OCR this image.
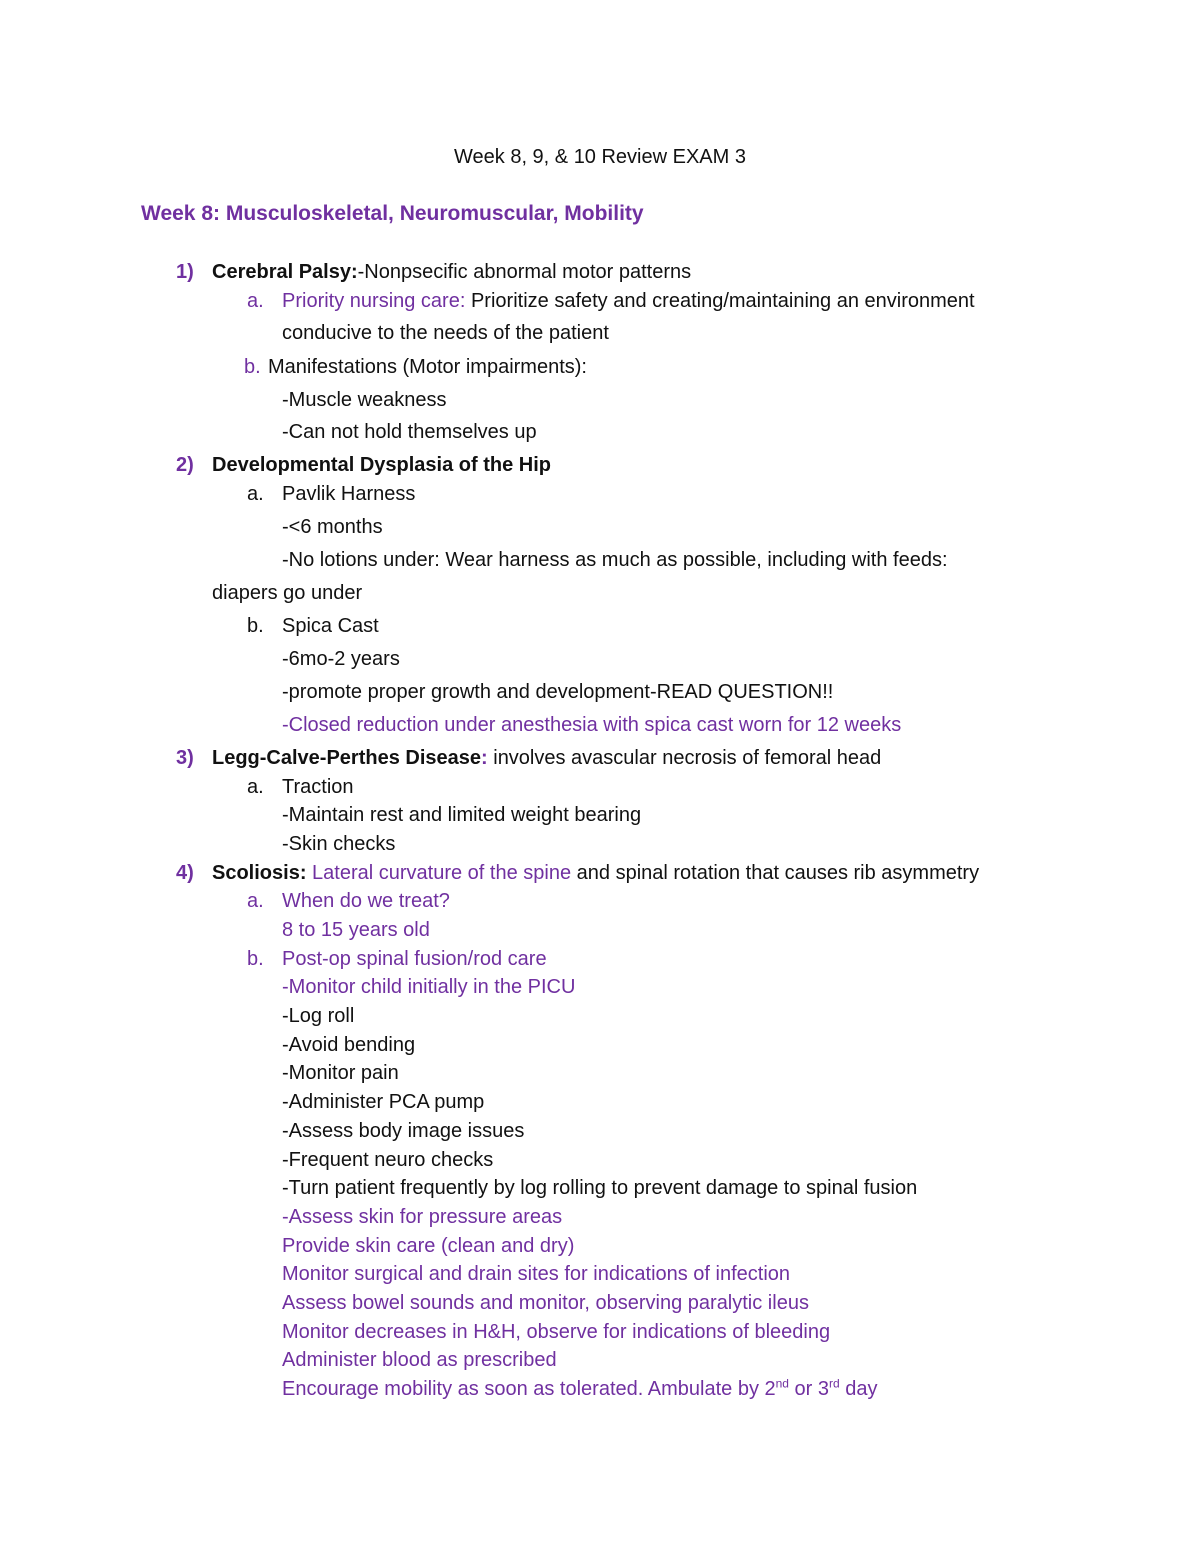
Week 8, 9, & 10 Review EXAM 3
Week 8: Musculoskeletal, Neuromuscular, Mobility
1) Cerebral Palsy:-Nonpsecific abnormal motor patterns
a. Priority nursing care: Prioritize safety and creating/maintaining an environment
conducive to the needs of the patient
b. Manifestations (Motor impairments):
-Muscle weakness
-Can not hold themselves up
2) Developmental Dysplasia of the Hip
a. Pavlik Harness
-<6 months
-No lotions under: Wear harness as much as possible, including with feeds:
diapers go under
b. Spica Cast
-6mo-2 years
-promote proper growth and development-READ QUESTION!!
-Closed reduction under anesthesia with spica cast worn for 12 weeks
3) Legg-Calve-Perthes Disease: involves avascular necrosis of femoral head
a. Traction
-Maintain rest and limited weight bearing
-Skin checks
4) Scoliosis: Lateral curvature of the spine and spinal rotation that causes rib asymmetry
a. When do we treat?
8 to 15 years old
b. Post-op spinal fusion/rod care
-Monitor child initially in the PICU
-Log roll
-Avoid bending
-Monitor pain
-Administer PCA pump
-Assess body image issues
-Frequent neuro checks
-Turn patient frequently by log rolling to prevent damage to spinal fusion
-Assess skin for pressure areas
Provide skin care (clean and dry)
Monitor surgical and drain sites for indications of infection
Assess bowel sounds and monitor, observing paralytic ileus
Monitor decreases in H&H, observe for indications of bleeding
Administer blood as prescribed
Encourage mobility as soon as tolerated. Ambulate by 2nd or 3rd day
